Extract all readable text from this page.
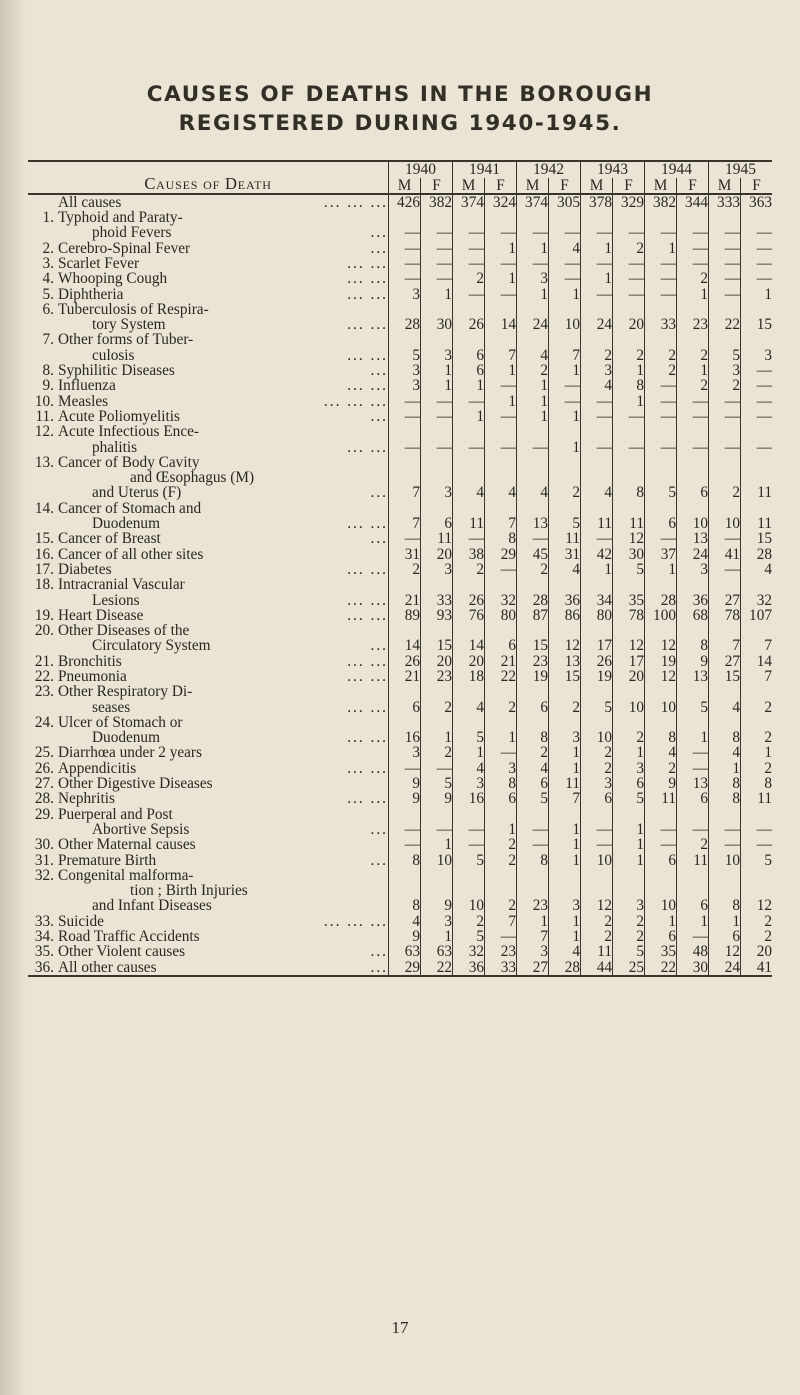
CAUSES OF DEATHS IN THE BOROUGH
REGISTERED DURING 1940-1945.
Causes of Death	1940		1941		1942		1943		1944		1945	
	M	F	M	F	M	F	M	F	M	F	M	F

All causes ... ... ...	426	382	374	324	374	305	378	329	382	344	333	363

1. Typhoid and Paraty-
phoid Fevers ...	—	—	—	—	—	—	—	—	—	—	—	—

2. Cerebro-Spinal Fever ...	—	—	—	1	1	4	1	2	1	—	—	—

3. Scarlet Fever ... ...	—	—	—	—	—	—	—	—	—	—	—	—

4. Whooping Cough ... ...	—	—	2	1	3	—	1	—	—	2	—	—

5. Diphtheria ... ...	3	1	—	—	1	1	—	—	—	1	—	1

6. Tuberculosis of Respira-
tory System ... ...	28	30	26	14	24	10	24	20	33	23	22	15

7. Other forms of Tuber-
culosis ... ...	5	3	6	7	4	7	2	2	2	2	5	3

8. Syphilitic Diseases ...	3	1	6	1	2	1	3	1	2	1	3	—

9. Influenza ... ...	3	1	1	—	1	—	4	8	—	2	2	—

10. Measles ... ... ...	—	—	—	1	1	—	—	1	—	—	—	—

11. Acute Poliomyelitis ...	—	—	1	—	1	1	—	—	—	—	—	—

12. Acute Infectious Ence-
phalitis ... ...	—	—	—	—	—	1	—	—	—	—	—	—

13. Cancer of Body Cavity
and Œsophagus (M)
and Uterus (F) ...	7	3	4	4	4	2	4	8	5	6	2	11

14. Cancer of Stomach and
Duodenum ... ...	7	6	11	7	13	5	11	11	6	10	10	11

15. Cancer of Breast ...	—	11	—	8	—	11	—	12	—	13	—	15

16. Cancer of all other sites	31	20	38	29	45	31	42	30	37	24	41	28

17. Diabetes ... ...	2	3	2	—	2	4	1	5	1	3	—	4

18. Intracranial Vascular
Lesions ... ...	21	33	26	32	28	36	34	35	28	36	27	32

19. Heart Disease ... ...	89	93	76	80	87	86	80	78	100	68	78	107

20. Other Diseases of the
Circulatory System ...	14	15	14	6	15	12	17	12	12	8	7	7

21. Bronchitis ... ...	26	20	20	21	23	13	26	17	19	9	27	14

22. Pneumonia ... ...	21	23	18	22	19	15	19	20	12	13	15	7

23. Other Respiratory Di-
seases ... ...	6	2	4	2	6	2	5	10	10	5	4	2

24. Ulcer of Stomach or
Duodenum ... ...	16	1	5	1	8	3	10	2	8	1	8	2

25. Diarrhœa under 2 years	3	2	1	—	2	1	2	1	4	—	4	1

26. Appendicitis ... ...	—	—	4	3	4	1	2	3	2	—	1	2

27. Other Digestive Diseases	9	5	3	8	6	11	3	6	9	13	8	8

28. Nephritis ... ...	9	9	16	6	5	7	6	5	11	6	8	11

29. Puerperal and Post
Abortive Sepsis ...	—	—	—	1	—	1	—	1	—	—	—	—

30. Other Maternal causes	—	1	—	2	—	1	—	1	—	2	—	—

31. Premature Birth ...	8	10	5	2	8	1	10	1	6	11	10	5

32. Congenital malforma-
tion ; Birth Injuries
and Infant Diseases	8	9	10	2	23	3	12	3	10	6	8	12

33. Suicide ... ... ...	4	3	2	7	1	1	2	2	1	1	1	2

34. Road Traffic Accidents	9	1	5	—	7	1	2	2	6	—	6	2

35. Other Violent causes ...	63	63	32	23	3	4	11	5	35	48	12	20

36. All other causes ...	29	22	36	33	27	28	44	25	22	30	24	41
17
